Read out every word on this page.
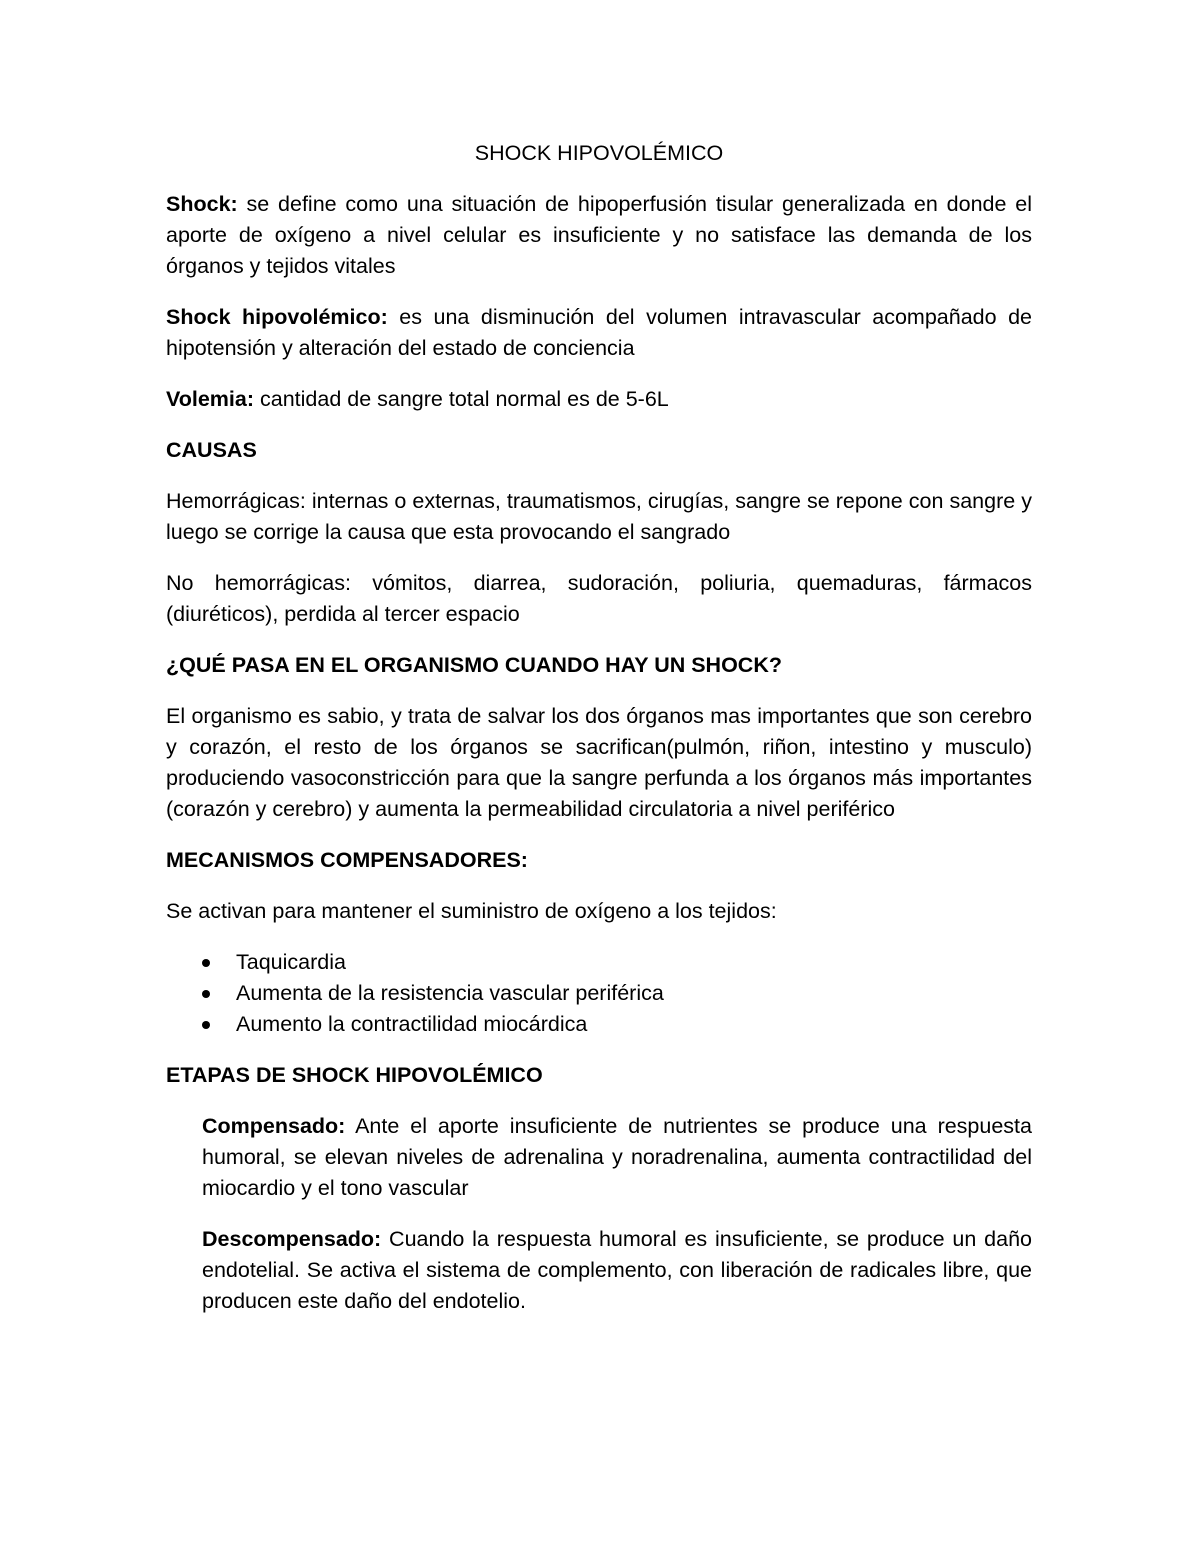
SHOCK HIPOVOLÉMICO

Shock: se define como una situación de hipoperfusión tisular generalizada en donde el aporte de oxígeno a nivel celular es insuficiente y no satisface las demanda de los órganos y tejidos vitales

Shock hipovolémico: es una disminución del volumen intravascular acompañado de hipotensión y alteración del estado de conciencia

Volemia: cantidad de sangre total normal es de 5-6L

CAUSAS

Hemorrágicas: internas o externas, traumatismos, cirugías, sangre se repone con sangre y luego se corrige la causa que esta provocando el sangrado

No hemorrágicas: vómitos, diarrea, sudoración, poliuria, quemaduras, fármacos (diuréticos), perdida al tercer espacio

¿QUÉ PASA EN EL ORGANISMO CUANDO HAY UN SHOCK?

El organismo es sabio, y trata de salvar los dos órganos mas importantes que son cerebro y corazón, el resto de los órganos se sacrifican(pulmón, riñon, intestino y musculo) produciendo vasoconstricción para que la sangre perfunda a los órganos más importantes (corazón y cerebro) y aumenta la permeabilidad circulatoria a nivel periférico

MECANISMOS COMPENSADORES:

Se activan para mantener el suministro de oxígeno a los tejidos:

Taquicardia
Aumenta de la resistencia vascular periférica
Aumento la contractilidad miocárdica
ETAPAS DE SHOCK HIPOVOLÉMICO

Compensado: Ante el aporte insuficiente de nutrientes se produce una respuesta humoral, se elevan niveles de adrenalina y noradrenalina, aumenta contractilidad del miocardio y el tono vascular

Descompensado: Cuando la respuesta humoral es insuficiente, se produce un daño endotelial. Se activa el sistema de complemento, con liberación de radicales libre, que producen este daño del endotelio.
